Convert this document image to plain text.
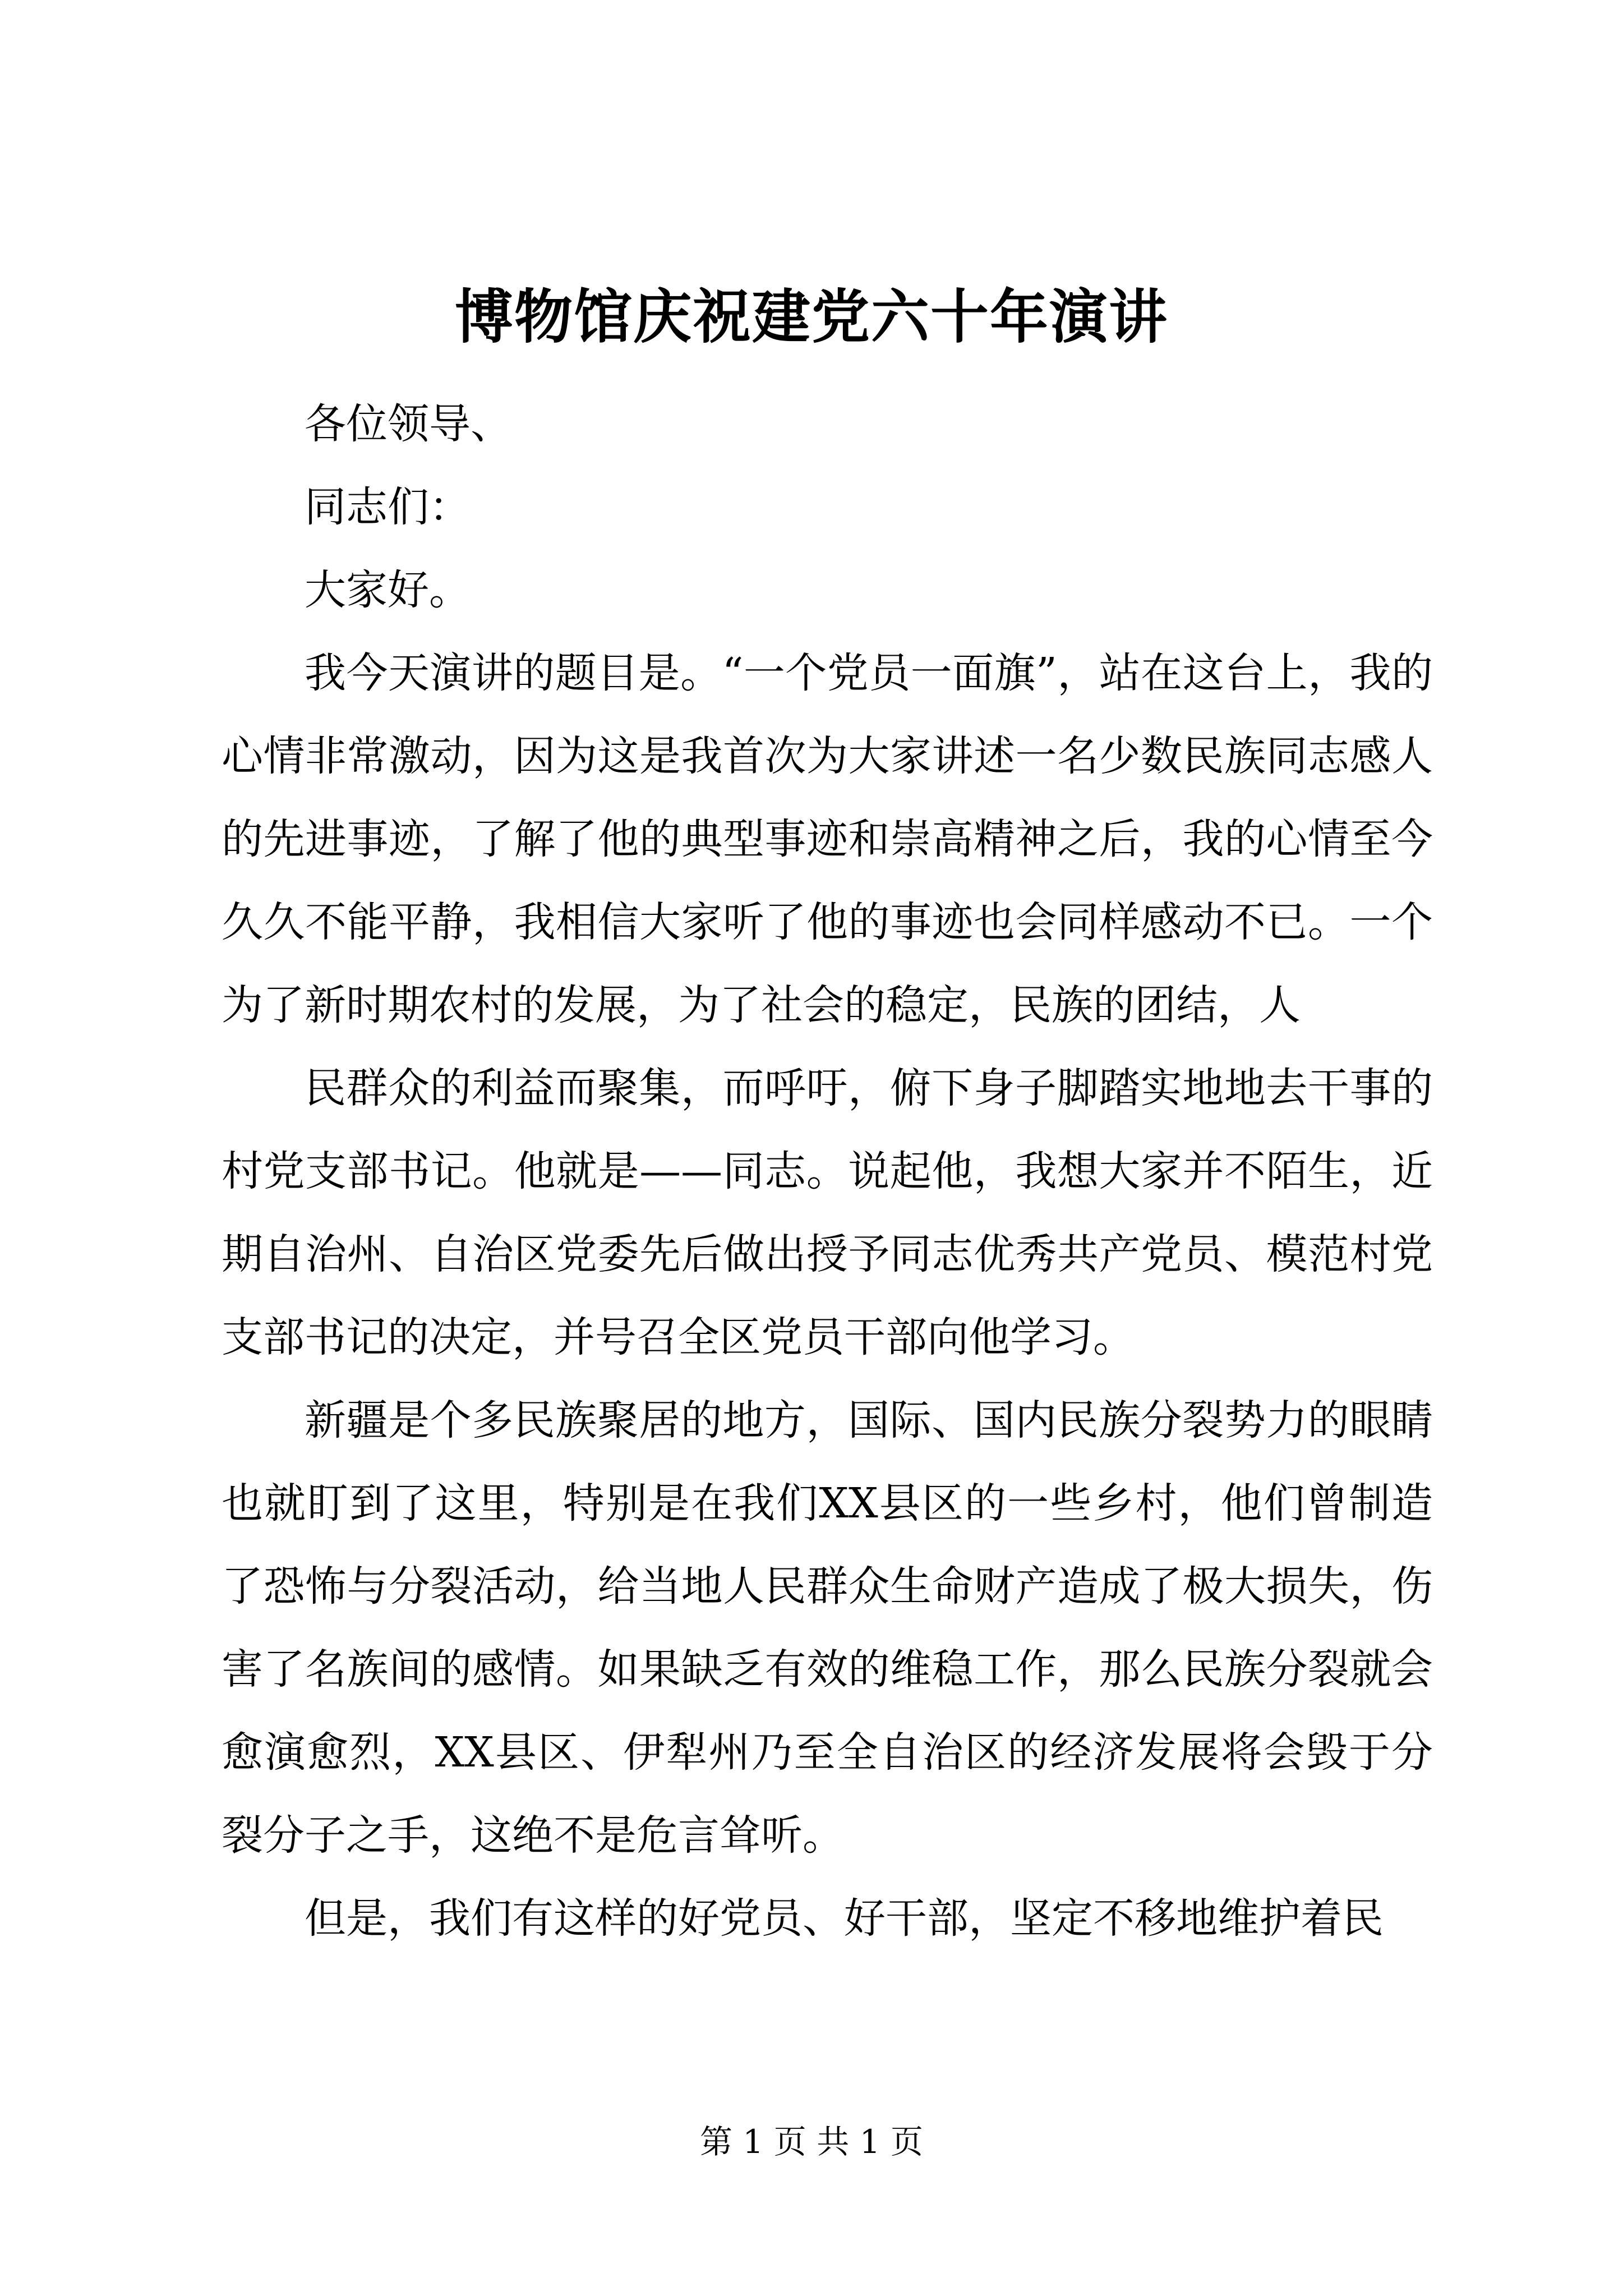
博物馆庆祝建党六十年演讲

各位领导、

同志们：

大家好。

我今天演讲的题目是。“一个党员一面旗”，站在这台上，我的心情非常激动，因为这是我首次为大家讲述一名少数民族同志感人的先进事迹，了解了他的典型事迹和崇高精神之后，我的心情至今久久不能平静，我相信大家听了他的事迹也会同样感动不已。一个为了新时期农村的发展，为了社会的稳定，民族的团结，人

民群众的利益而聚集，而呼吁，俯下身子脚踏实地地去干事的村党支部书记。他就是——同志。说起他，我想大家并不陌生，近期自治州、自治区党委先后做出授予同志优秀共产党员、模范村党支部书记的决定，并号召全区党员干部向他学习。

新疆是个多民族聚居的地方，国际、国内民族分裂势力的眼睛也就盯到了这里，特别是在我们XX县区的一些乡村，他们曾制造了恐怖与分裂活动，给当地人民群众生命财产造成了极大损失，伤害了名族间的感情。如果缺乏有效的维稳工作，那么民族分裂就会愈演愈烈，XX县区、伊犁州乃至全自治区的经济发展将会毁于分裂分子之手，这绝不是危言耸听。

但是，我们有这样的好党员、好干部，坚定不移地维护着民

第 1 页 共 1 页
